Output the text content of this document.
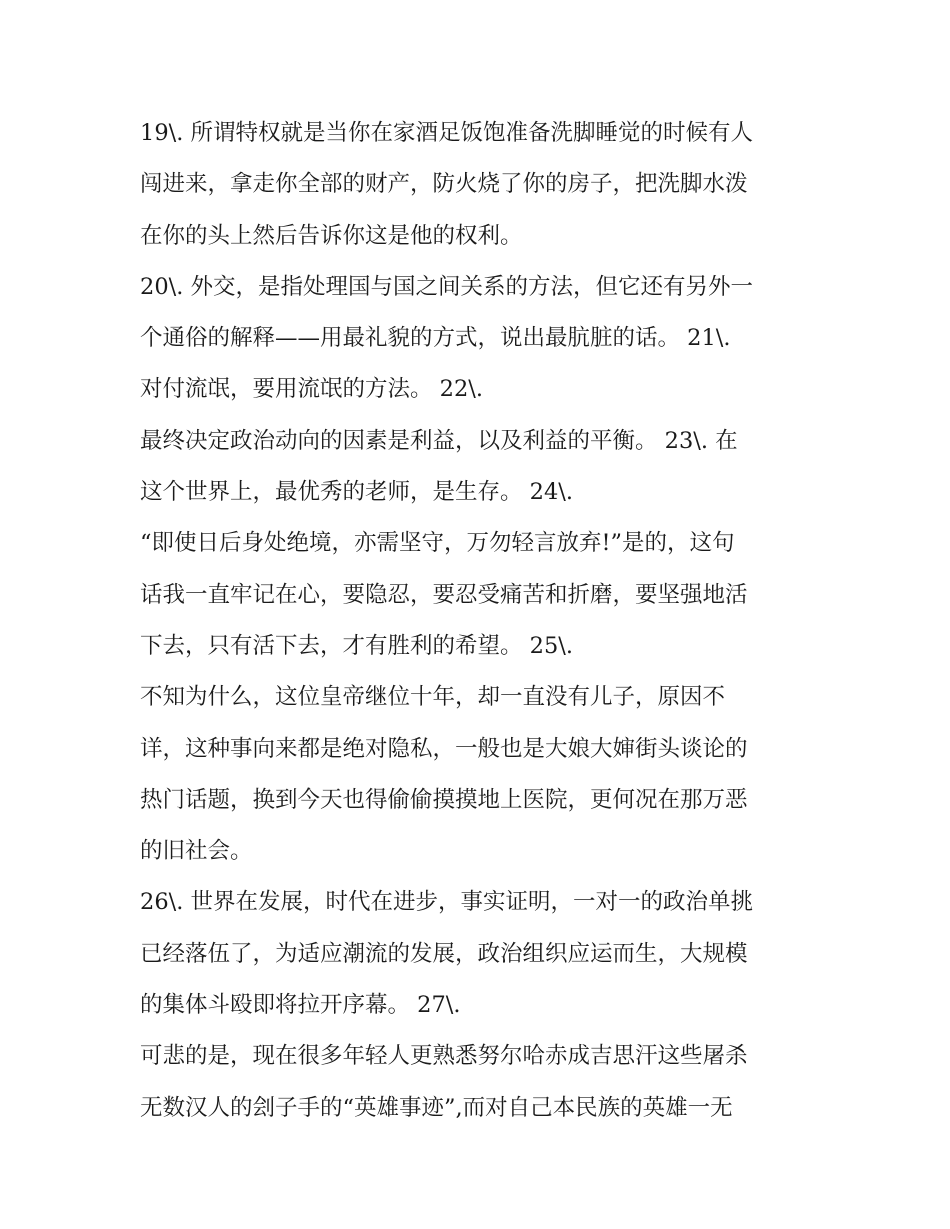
19\. 所谓特权就是当你在家酒足饭饱准备洗脚睡觉的时候有人
闯进来，拿走你全部的财产，防火烧了你的房子，把洗脚水泼
在你的头上然后告诉你这是他的权利。
20\. 外交，是指处理国与国之间关系的方法，但它还有另外一
个通俗的解释——用最礼貌的方式，说出最肮脏的话。 21\.
对付流氓，要用流氓的方法。 22\.
最终决定政治动向的因素是利益，以及利益的平衡。 23\. 在
这个世界上，最优秀的老师，是生存。 24\.
“即使日后身处绝境，亦需坚守，万勿轻言放弃!”是的，这句
话我一直牢记在心，要隐忍，要忍受痛苦和折磨，要坚强地活
下去，只有活下去，才有胜利的希望。 25\.
不知为什么，这位皇帝继位十年，却一直没有儿子，原因不
详，这种事向来都是绝对隐私，一般也是大娘大婶街头谈论的
热门话题，换到今天也得偷偷摸摸地上医院，更何况在那万恶
的旧社会。
26\. 世界在发展，时代在进步，事实证明，一对一的政治单挑
已经落伍了，为适应潮流的发展，政治组织应运而生，大规模
的集体斗殴即将拉开序幕。 27\.
可悲的是，现在很多年轻人更熟悉努尔哈赤成吉思汗这些屠杀
无数汉人的刽子手的“英雄事迹”,而对自己本民族的英雄一无
